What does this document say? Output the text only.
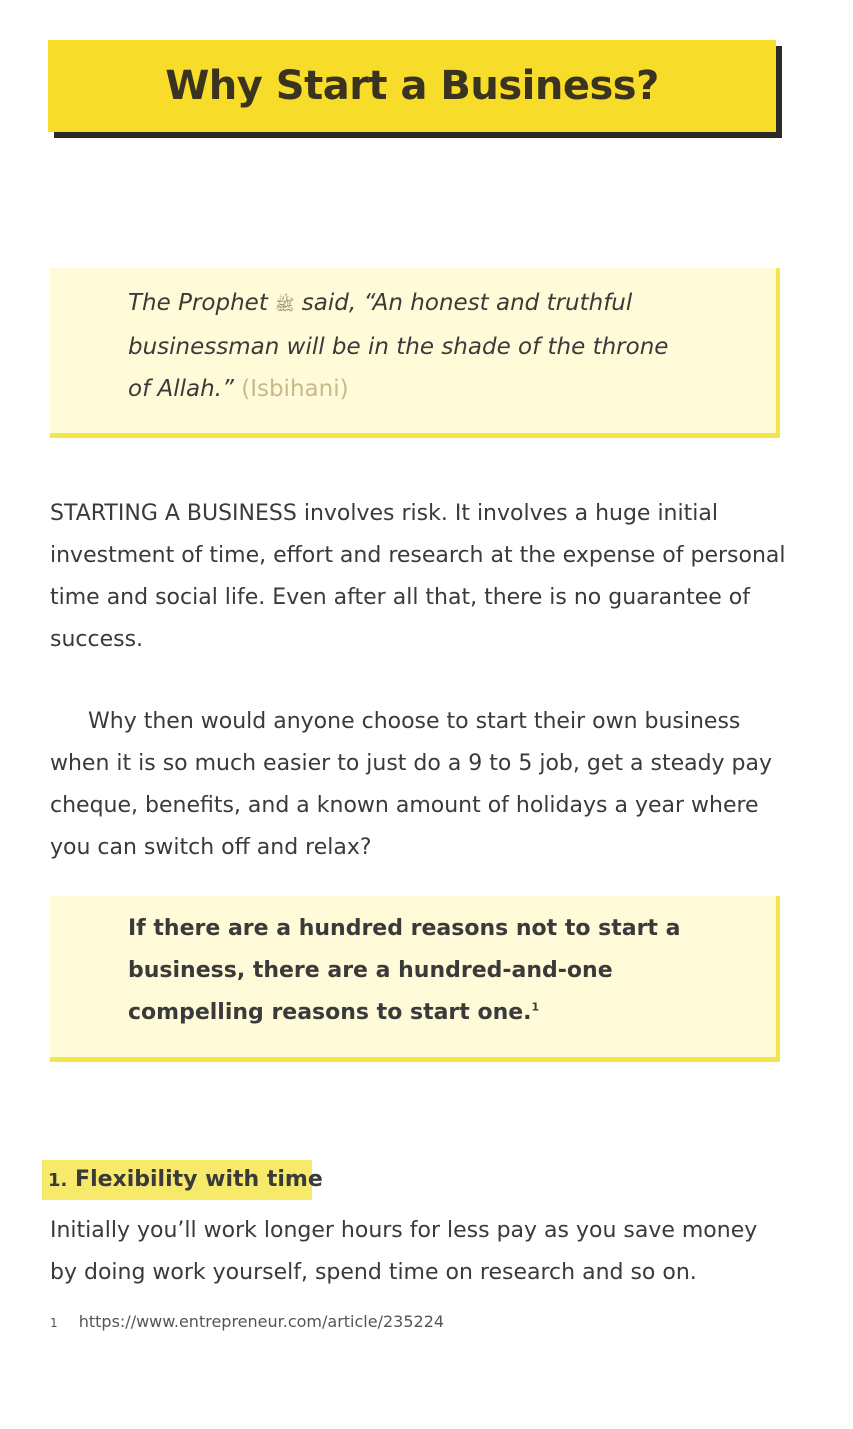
Why Start a Business?
The Prophet ﷺ said, “An honest and truthful businessman will be in the shade of the throne of Allah.” (Isbihani)

STARTING A BUSINESS involves risk. It involves a huge initial investment of time, effort and research at the expense of personal time and social life. Even after all that, there is no guarantee of success.

Why then would anyone choose to start their own business when it is so much easier to just do a 9 to 5 job, get a steady pay cheque, benefits, and a known amount of holidays a year where you can switch off and relax?

If there are a hundred reasons not to start a business, there are a hundred-and-one compelling reasons to start one.$^1$
1. Flexibility with time

Initially you’ll work longer hours for less pay as you save money by doing work yourself, spend time on research and so on.

1 https://www.entrepreneur.com/article/235224
